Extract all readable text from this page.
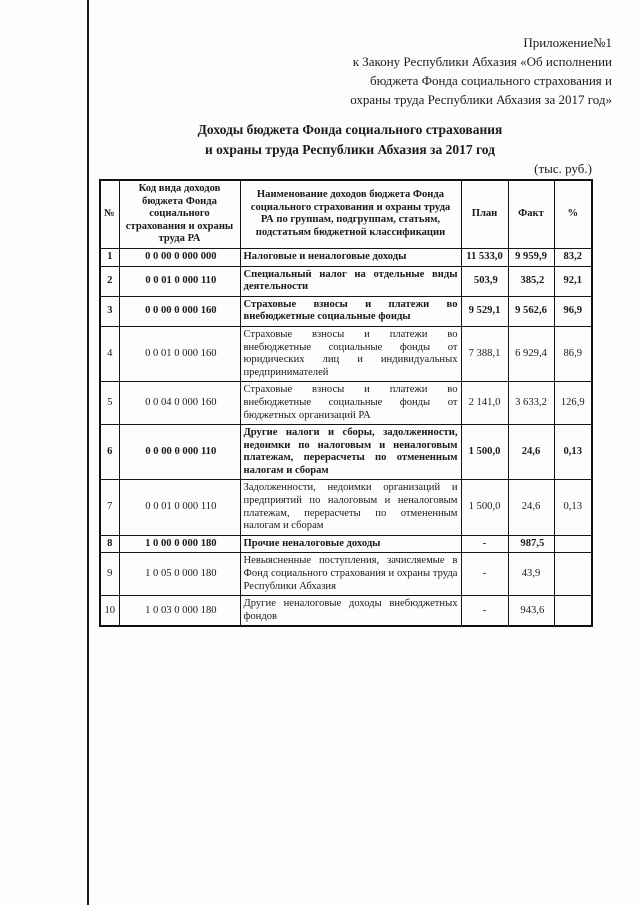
Приложение№1
к Закону Республики Абхазия «Об исполнении
бюджета Фонда социального страхования и
охраны труда Республики Абхазия за 2017 год»
Доходы бюджета Фонда социального страхования
и охраны труда Республики Абхазия за 2017 год
(тыс. руб.)
№	Код вида доходов бюджета Фонда социального страхования и охраны труда РА	Наименование доходов бюджета Фонда социального страхования и охраны труда РА по группам, подгруппам, статьям, подстатьям бюджетной классификации	План	Факт	%
1	0 0 00 0 000 000	Налоговые и неналоговые доходы	11 533,0	9 959,9	83,2
2	0 0 01 0 000 110	Специальный налог на отдельные виды деятельности	503,9	385,2	92,1
3	0 0 00 0 000 160	Страховые взносы и платежи во внебюджетные социальные фонды	9 529,1	9 562,6	96,9
4	0 0 01 0 000 160	Страховые взносы и платежи во внебюджетные социальные фонды от юридических лиц и индивидуальных предпринимателей	7 388,1	6 929,4	86,9
5	0 0 04 0 000 160	Страховые взносы и платежи во внебюджетные социальные фонды от бюджетных организаций РА	2 141,0	3 633,2	126,9
6	0 0 00 0 000 110	Другие налоги и сборы, задолженности, недоимки по налоговым и неналоговым платежам, перерасчеты по отмененным налогам и сборам	1 500,0	24,6	0,13
7	0 0 01 0 000 110	Задолженности, недоимки организаций и предприятий по налоговым и неналоговым платежам, перерасчеты по отмененным налогам и сборам	1 500,0	24,6	0,13
8	1 0 00 0 000 180	Прочие неналоговые доходы	-	987,5	
9	1 0 05 0 000 180	Невыясненные поступления, зачисляемые в Фонд социального страхования и охраны труда Республики Абхазия	-	43,9	
10	1 0 03 0 000 180	Другие неналоговые доходы внебюджетных фондов	-	943,6	
